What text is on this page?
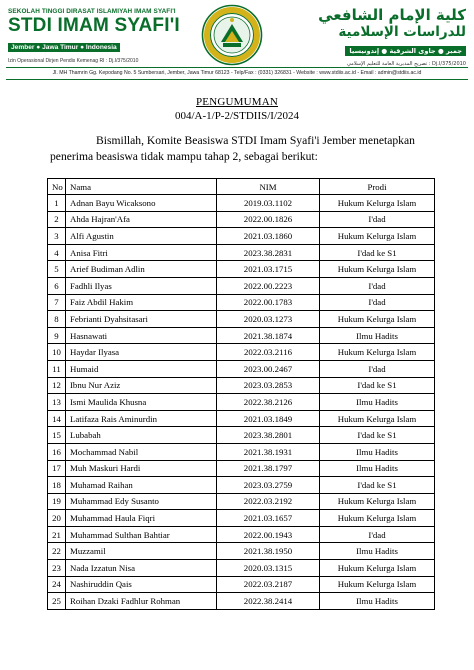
SEKOLAH TINGGI DIRASAT ISLAMIYAH IMAM SYAFI'I
STDI IMAM SYAFI'I
Jember ● Jawa Timur ● Indonesia
Izin Operasional Dirjen Pendis Kemenag RI : Dj.I/375/2010
كلية الإمام الشافعي
للدراسات الإسلامية
جمبر ● جاوى الشرقية ● إندونيسيا
تصريح المديرية العامة للتعليم الإسلامي : Dj.I/375/2010
Jl. MH Thamrin Gg. Kepodang No. 5 Sumbersari, Jember, Jawa Timur 68123 - Telp/Fax : (0331) 326831 - Website : www.stdiis.ac.id - Email : admin@stdiis.ac.id
PENGUMUMAN
004/A-1/P-2/STDIIS/I/2024
Bismillah, Komite Beasiswa STDI Imam Syafi'i Jember menetapkan penerima beasiswa tidak mampu tahap 2, sebagai berikut:
No	Nama	NIM	Prodi
1	Adnan Bayu Wicaksono	2019.03.1102	Hukum Kelurga Islam
2	Ahda Hajran'Afa	2022.00.1826	I'dad
3	Alfi Agustin	2021.03.1860	Hukum Kelurga Islam
4	Anisa Fitri	2023.38.2831	I'dad ke S1
5	Arief Budiman Adlin	2021.03.1715	Hukum Kelurga Islam
6	Fadhli Ilyas	2022.00.2223	I'dad
7	Faiz Abdil Hakim	2022.00.1783	I'dad
8	Febrianti Dyahsitasari	2020.03.1273	Hukum Kelurga Islam
9	Hasnawati	2021.38.1874	Ilmu Hadits
10	Haydar Ilyasa	2022.03.2116	Hukum Kelurga Islam
11	Humaid	2023.00.2467	I'dad
12	Ibnu Nur Aziz	2023.03.2853	I'dad ke S1
13	Ismi Maulida Khusna	2022.38.2126	Ilmu Hadits
14	Latifaza Rais Aminurdin	2021.03.1849	Hukum Kelurga Islam
15	Lubabah	2023.38.2801	I'dad ke S1
16	Mochammad Nabil	2021.38.1931	Ilmu Hadits
17	Muh Maskuri Hardi	2021.38.1797	Ilmu Hadits
18	Muhamad Raihan	2023.03.2759	I'dad ke S1
19	Muhammad Edy Susanto	2022.03.2192	Hukum Kelurga Islam
20	Muhammad Haula Fiqri	2021.03.1657	Hukum Kelurga Islam
21	Muhammad Sulthan Bahtiar	2022.00.1943	I'dad
22	Muzzamil	2021.38.1950	Ilmu Hadits
23	Nada Izzatun Nisa	2020.03.1315	Hukum Kelurga Islam
24	Nashiruddin Qais	2022.03.2187	Hukum Kelurga Islam
25	Roihan Dzaki Fadhlur Rohman	2022.38.2414	Ilmu Hadits
